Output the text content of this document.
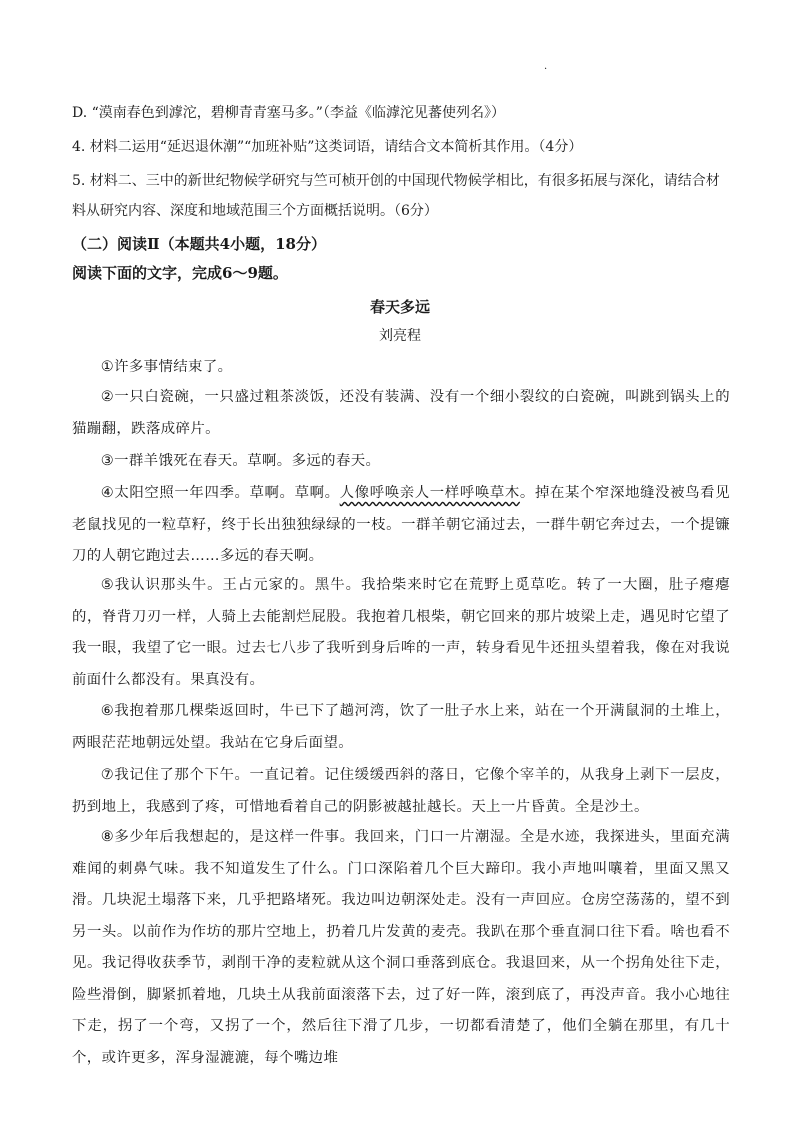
.
D. “漠南春色到滹沱，碧柳青青塞马多。”（李益《临滹沱见蕃使列名》）
4. 材料二运用“延迟退休潮”“加班补贴”这类词语，请结合文本简析其作用。（4分）
5. 材料二、三中的新世纪物候学研究与竺可桢开创的中国现代物候学相比，有很多拓展与深化，请结合材
料从研究内容、深度和地域范围三个方面概括说明。（6分）
（二）阅读Ⅱ（本题共4小题，18分）
阅读下面的文字，完成6～9题。
春天多远
刘亮程
①许多事情结束了。
②一只白瓷碗，一只盛过粗茶淡饭，还没有装满、没有一个细小裂纹的白瓷碗，叫跳到锅头上的猫蹦翻，跌落成碎片。
③一群羊饿死在春天。草啊。多远的春天。
④太阳空照一年四季。草啊。草啊。人像呼唤亲人一样呼唤草木。掉在某个窄深地缝没被鸟看见老鼠找见的一粒草籽，终于长出独独绿绿的一枝。一群羊朝它涌过去，一群牛朝它奔过去，一个提镰刀的人朝它跑过去……多远的春天啊。
⑤我认识那头牛。王占元家的。黑牛。我拾柴来时它在荒野上觅草吃。转了一大圈，肚子瘪瘪的，脊背刀刃一样，人骑上去能割烂屁股。我抱着几根柴，朝它回来的那片坡梁上走，遇见时它望了我一眼，我望了它一眼。过去七八步了我听到身后哞的一声，转身看见牛还扭头望着我，像在对我说前面什么都没有。果真没有。
⑥我抱着那几棵柴返回时，牛已下了趟河湾，饮了一肚子水上来，站在一个开满鼠洞的土堆上，两眼茫茫地朝远处望。我站在它身后面望。
⑦我记住了那个下午。一直记着。记住缓缓西斜的落日，它像个宰羊的，从我身上剥下一层皮，扔到地上，我感到了疼，可惜地看着自己的阴影被越扯越长。天上一片昏黄。全是沙土。
⑧多少年后我想起的，是这样一件事。我回来，门口一片潮湿。全是水迹，我探进头，里面充满难闻的刺鼻气味。我不知道发生了什么。门口深陷着几个巨大蹄印。我小声地叫嚷着，里面又黑又滑。几块泥土塌落下来，几乎把路堵死。我边叫边朝深处走。没有一声回应。仓房空荡荡的，望不到另一头。以前作为作坊的那片空地上，扔着几片发黄的麦壳。我趴在那个垂直洞口往下看。啥也看不见。我记得收获季节，剥削干净的麦粒就从这个洞口垂落到底仓。我退回来，从一个拐角处往下走，险些滑倒，脚紧抓着地，几块土从我前面滚落下去，过了好一阵，滚到底了，再没声音。我小心地往下走，拐了一个弯，又拐了一个，然后往下滑了几步，一切都看清楚了，他们全躺在那里，有几十个，或许更多，浑身湿漉漉，每个嘴边堆
